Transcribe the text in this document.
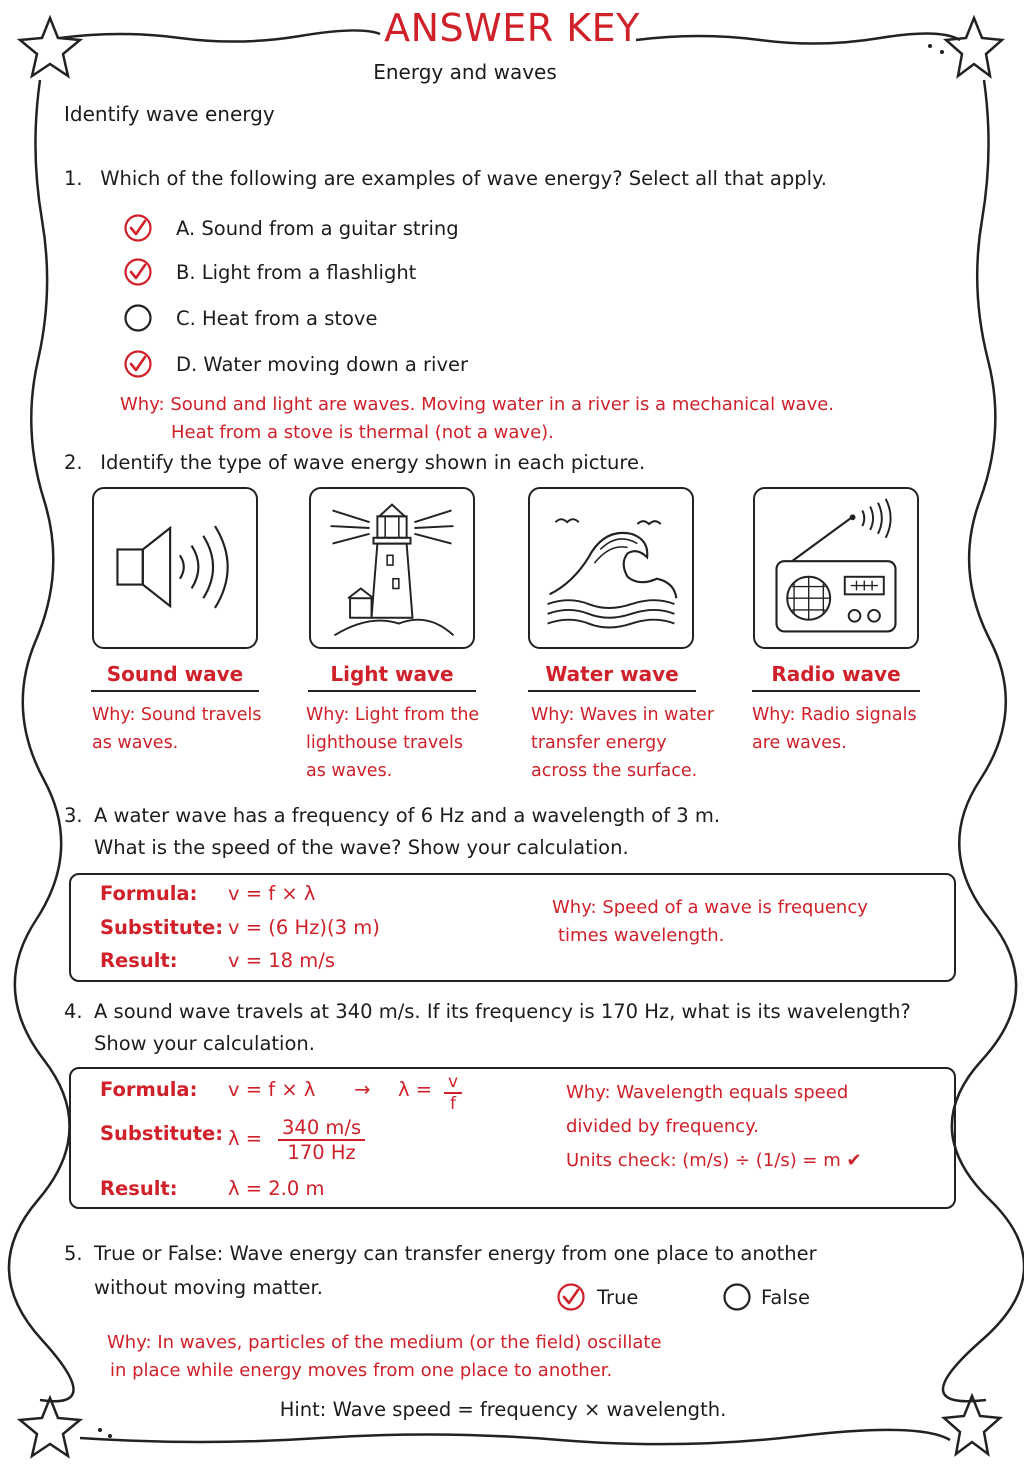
ANSWER KEY
Energy and waves
Identify wave energy
1. Which of the following are examples of wave energy? Select all that apply.
A. Sound from a guitar string
B. Light from a flashlight
C. Heat from a stove
D. Water moving down a river
Why: Sound and light are waves. Moving water in a river is a mechanical wave.
Heat from a stove is thermal (not a wave).
2. Identify the type of wave energy shown in each picture.
Sound wave	Light wave	Water wave	Radio wave
Why: Sound travels
as waves.
Why: Light from the
lighthouse travels
as waves.
Why: Waves in water
transfer energy
across the surface.
Why: Radio signals
are waves.
3. A water wave has a frequency of 6 Hz and a wavelength of 3 m.
What is the speed of the wave? Show your calculation.
Formula: v = f × λ
Substitute: v = (6 Hz)(3 m)
Result:	v = 18 m/s
Why: Speed of a wave is frequency
times wavelength.
4. A sound wave travels at 340 m/s. If its frequency is 170 Hz, what is its wavelength?
Show your calculation.
Formula: $v = f \times \lambda \to \lambda = \frac{v}{f}$
Substitute: $\lambda = \frac{340 m/s}{170 Hz}$
Result:	λ = 2.0 m
Why: Wavelength equals speed
divided by frequency.
Units check: (m/s) ÷ (1/s) = m ✔
5. True or False: Wave energy can transfer energy from one place to another
without moving matter.	True	False
Why: In waves, particles of the medium (or the field) oscillate
in place while energy moves from one place to another.
Hint: Wave speed = frequency × wavelength.
